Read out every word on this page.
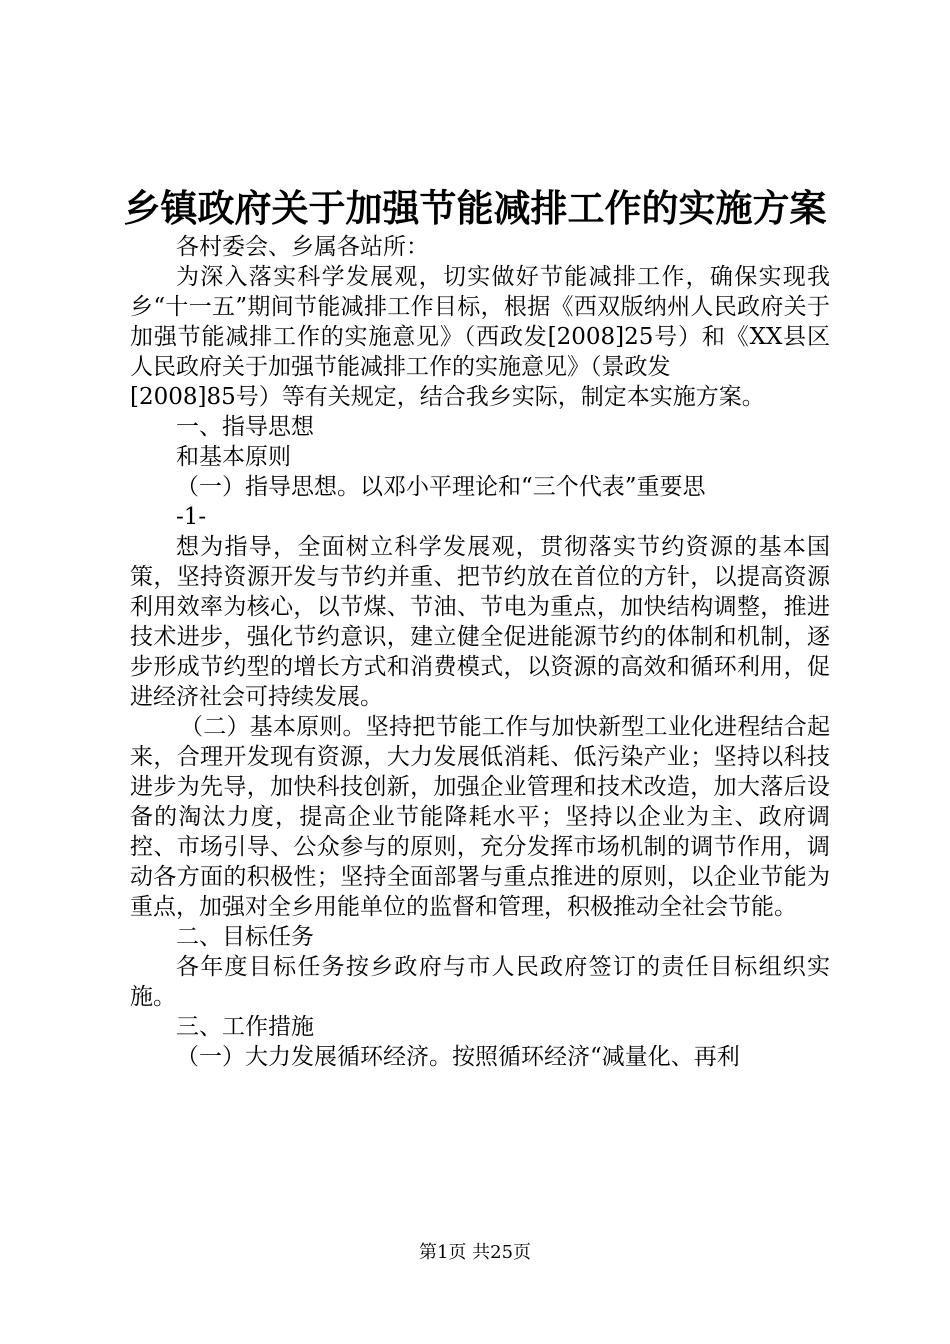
乡镇政府关于加强节能减排工作的实施方案

各村委会、乡属各站所：

为深入落实科学发展观，切实做好节能减排工作，确保实现我乡“十一五”期间节能减排工作目标，根据《西双版纳州人民政府关于加强节能减排工作的实施意见》（西政发[2008]25号）和《XX县区人民政府关于加强节能减排工作的实施意见》（景政发

[2008]85号）等有关规定，结合我乡实际，制定本实施方案。

一、指导思想

和基本原则

（一）指导思想。以邓小平理论和“三个代表”重要思

-1-

想为指导，全面树立科学发展观，贯彻落实节约资源的基本国策，坚持资源开发与节约并重、把节约放在首位的方针，以提高资源利用效率为核心，以节煤、节油、节电为重点，加快结构调整，推进技术进步，强化节约意识，建立健全促进能源节约的体制和机制，逐步形成节约型的增长方式和消费模式，以资源的高效和循环利用，促进经济社会可持续发展。

（二）基本原则。坚持把节能工作与加快新型工业化进程结合起来，合理开发现有资源，大力发展低消耗、低污染产业；坚持以科技进步为先导，加快科技创新，加强企业管理和技术改造，加大落后设备的淘汰力度，提高企业节能降耗水平；坚持以企业为主、政府调控、市场引导、公众参与的原则，充分发挥市场机制的调节作用，调动各方面的积极性；坚持全面部署与重点推进的原则，以企业节能为重点，加强对全乡用能单位的监督和管理，积极推动全社会节能。

二、目标任务

各年度目标任务按乡政府与市人民政府签订的责任目标组织实施。

三、工作措施

（一）大力发展循环经济。按照循环经济“减量化、再利

第1页 共25页
